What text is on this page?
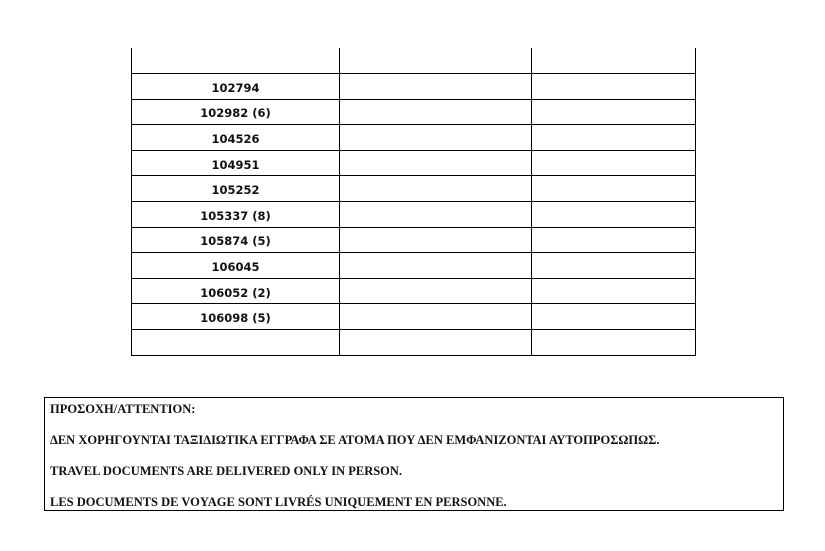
102794
102982 (6)
104526
104951
105252
105337 (8)
105874 (5)
106045
106052 (2)
106098 (5)
ΠΡΟΣΟΧΗ/ATTENTION:
ΔΕΝ ΧΟΡΗΓΟΥΝΤΑΙ ΤΑΞΙΔΙΩΤΙΚΑ ΕΓΓΡΑΦΑ ΣΕ ΑΤΟΜΑ ΠΟΥ ΔΕΝ ΕΜΦΑΝΙΖΟΝΤΑΙ ΑΥΤΟΠΡΟΣΩΠΩΣ.
TRAVEL DOCUMENTS ARE DELIVERED ONLY IN PERSON.
LES DOCUMENTS DE VOYAGE SONT LIVRÉS UNIQUEMENT EN PERSONNE.
